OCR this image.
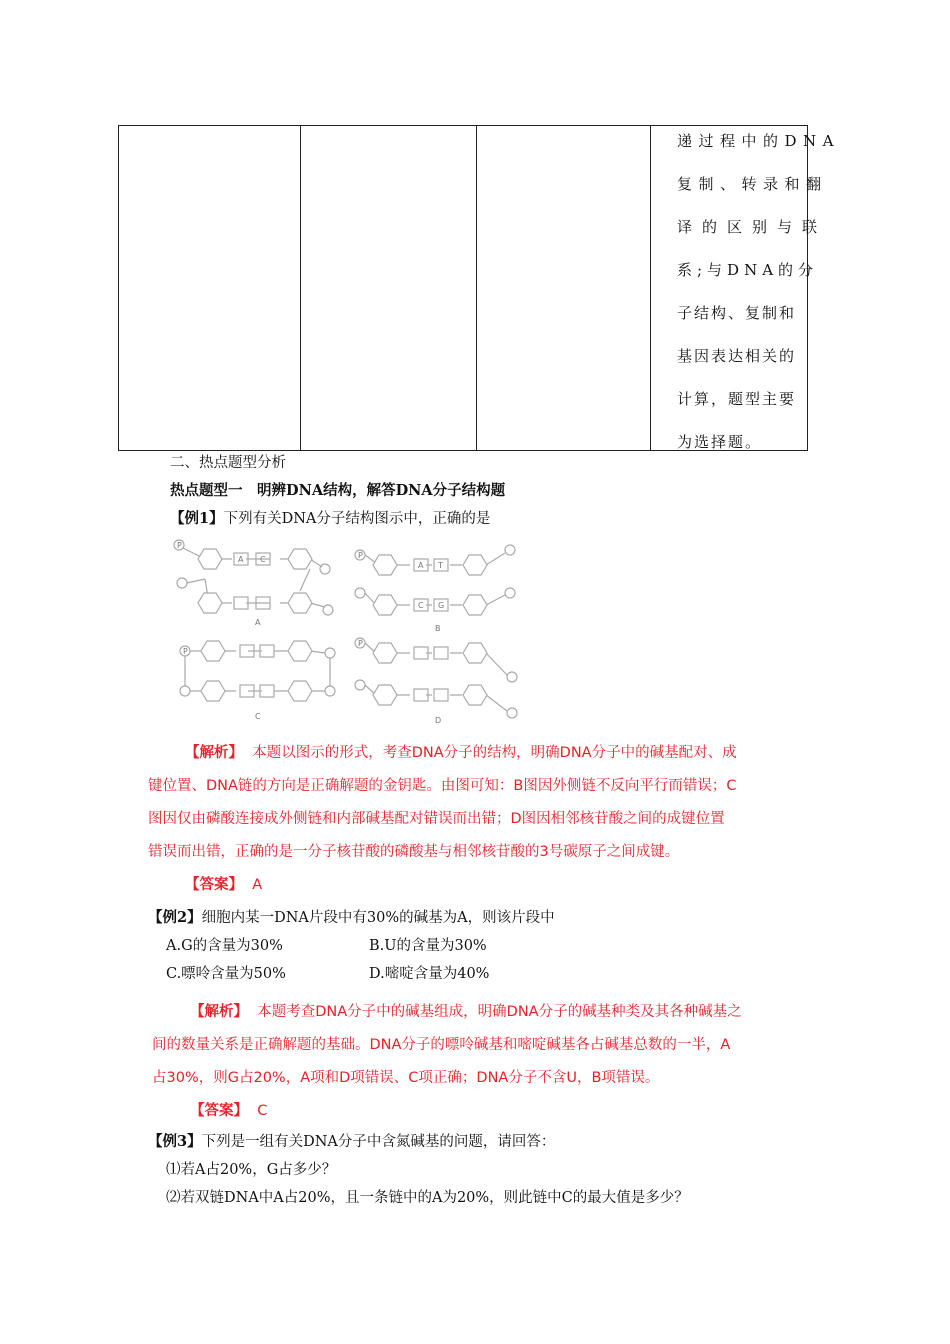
递过程中的DNA
复制、转录和翻
译的区别与联
系;与DNA的分
子结构、复制和
基因表达相关的
计算，题型主要
为选择题。
二、热点题型分析
热点题型一　明辨DNA结构，解答DNA分子结构题
【例1】下列有关DNA分子结构图示中，正确的是
P
P
P
P
A C
A T
C G
A
B
C	D
【解析】 本题以图示的形式，考查DNA分子的结构，明确DNA分子中的碱基配对、成
键位置、DNA链的方向是正确解题的金钥匙。由图可知：B图因外侧链不反向平行而错误；C
图因仅由磷酸连接成外侧链和内部碱基配对错误而出错；D图因相邻核苷酸之间的成键位置
错误而出错，正确的是一分子核苷酸的磷酸基与相邻核苷酸的3号碳原子之间成键。
【答案】 A
【例2】细胞内某一DNA片段中有30%的碱基为A，则该片段中
A.G的含量为30%	B.U的含量为30%
C.嘌呤含量为50%	D.嘧啶含量为40%
【解析】 本题考查DNA分子中的碱基组成，明确DNA分子的碱基种类及其各种碱基之
间的数量关系是正确解题的基础。DNA分子的嘌呤碱基和嘧啶碱基各占碱基总数的一半，A
占30%，则G占20%，A项和D项错误、C项正确；DNA分子不含U，B项错误。
【答案】 C
【例3】下列是一组有关DNA分子中含氮碱基的问题，请回答：
⑴若A占20%，G占多少？
⑵若双链DNA中A占20%，且一条链中的A为20%，则此链中C的最大值是多少？
